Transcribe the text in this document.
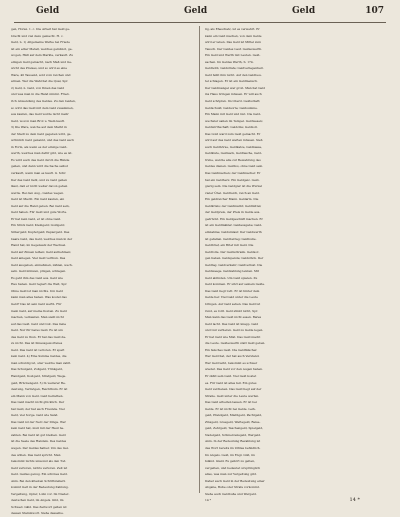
Geld	Geld	Geld	107
gen, Horaz. 1. c. Die Arbeit hat Geld ge-
bracht und viel dazu gemacht. H. c.
Geld, n. 1) Allgemeine Werke bei Friede
ist ein edler Metall, welches gemünzt, ge-
wogen, Hält auf dem Markte, verkauft. Zu
einigen Geld gemacht, nach Maß und Ge-
wicht des Preises, und so wird es eine
Ware, 40 Tausend, sold vom reichen und
armen. Wer die Wahl hat die Qual, Spr.
2) Geld, n. Geld, von Ihnen das Geld
und was man in die Hand nimmt. Fried-
rich Anwendung des Geldes. Zu den beiden,
so wird das Geld mit dem Geld zusammen,
aus kaufen, das Geld wurde nicht mehr
Geld, wovon man Brot u. Wein kauft.
3) Die Ware, welche auf dem Markt in
der Stadt zu dem Geld gegeben wird, ge-
wöhnlich Geld genannt, und das Geld auch
in Form, als wenn es der einzige Geld-
werth, welches man dafür gibt, wie es ist.
Es wird auch das Geld durch die Hände
gehen, und dann wird die Sache selbst
verkauft, wenn man es kauft. G. Schr.
Der das Geld liebt, und zu Geld gehen
lässt, daß er nicht weiter davon gehen
werde. Bei den Aug., Geldes wegen.
Geld ist Macht. Ein Geld kaufen, ein
Geld auf die Hand geben. Bei Geld sein,
Geld haben. Für Geld und gute Worte.
Er hat kein Geld, er ist ohne Geld.
Ein Stück Geld; Kleingeld; Goldgeld;
Silbergeld; Kupfergeld; Papiergeld. Das
baare Geld, das Geld, welches man in der
Hand hat, im Gegensatz der Wechsel.
Geld auf Zinsen leihen; Geld aufnehmen;
Geld anlegen. Viel Geld verthun. Das
Geld ausgeben, einnehmen, zählen, wech-
seln. Geld münzen, prägen, schlagen.
Es geht ihm das Geld aus. Geld wie
Heu haben. Geld regiert die Welt, Spr.
Ohne Geld ist man nichts. Um Geld
kann man alles haben. Was kostet das
Geld? Das ist sein Geld werth. Für
mein Geld, auf meine Kosten. Zu Geld
machen, verkaufen. Man sieht nicht
auf das Geld. Geld und Gut. Das liebe
Geld. Nur für bares Geld. Es ist um
das Geld zu thun. Er hat das Geld da-
zu nicht. Das ist hinausgeworfenes
Geld. Das Geld ist verloren. Er spart
kein Geld. 4) Eine Summe Geldes, die
man schuldig ist, oder welche man zahlt.
Das Schulgeld, Zollgeld, Trinkgeld,
Handgeld, Kostgeld, Strafgeld, Wege-
geld, Brückengeld. 5) In weiterer Be-
deutung, Vermögen, Reichthum. Er ist
ein Mann von Geld. Geld heirathen.
Das Geld macht nicht glücklich. Der
hat Geld, der hat auch Freunde. Viel
Geld, viel Sorge. Geld wie Sand.
Das Geld ist der Nerv der Dinge. Wer
kein Geld hat, muß mit der Haut be-
zahlen. Bei Geld ist gut bleiben. Geld
ist die Seele des Handels. Des Geldes
wegen. Der Geldes halber. Um des Gel-
des willen. Das Geld spricht. Man
bekommt nichts umsonst als den Tod.
Geld verloren, nichts verloren. Zeit ist
Geld. Geldes genug. Ein schönes Geld.
Anm. Bei den ältesten Schriftstellern
kommt Gelt in der Bedeutung Zahlung,
Vergeltung, Opfer, Lohn vor. Im Nieder-
deutschen Geld, im Angels. Gild, im
Schwed. Gäld. Das Zeitwort gelten ist
dessen Stammwort. Siehe dasselbe.
lig, als Eheschatz, ist es verwehrt. Er
kann ein Geld machen, von dem Gelde
wird er leben. Das Geld ist Mittel zum
Tausch. Der Geldes Lauf. Geldeswerth.
Ein Geld und Werth mit Leuten. Geld-
sachen. Im Geldes Werth, S. 174.
Geldnoth; Geldstrafe; Geldverlegenheit.
Geld fehlt ihm nicht. Auf den Geldbeu-
tel schlagen. Er ist ein Geldmensch.
Der Geldmangel war groß. Man hat Geld
ins Haus bringen müssen. Er will auch
Geld schöpfen. Im Oberd. Geldschaft;
Geldschuld; Geldsorte; Geldsumme.
Ein Mann mit Geld und Gut. Die Geld-
wechsler saßen im Tempel. Geldwesen;
Geldwirthschaft; Geldzins; Geldzoll.
Das Gold ward zum Geld gemacht. Er
wird auf das Geld warten müssen. Sieh
auch Geldbörse, Geldkatze, Geldkasse,
Geldkiste, Geldsack, Geldtasche, Geld-
truhe, welche alle zur Bewahrung des
Geldes dienen. Geldlos, ohne Geld sein.
Das Geldmachen; der Geldmacher. Er
hat ein Geldherz. Ein Geldgeiz. Geld-
gierig sein. Die Geldgier ist die Wurzel
vieler Übel. Geldreich, reich an Geld.
Ein geldreicher Mann. Geldarm. Die
Geldkrisis; der Geldmarkt; Geldmittel;
der Geldpreis, der Preis in Gelde aus-
gedrückt. Ein Geldgeschäft machen. Er
ist ein Geldmäkler. Geldausgabe; Geld-
einnahme; Geldumlauf. Der Geldwerth
ist gefallen. Geldbetrag; Geldbuße.
Geldbrief, ein Brief mit Geld. Die
Geldrolle. Der Geldschrank. Geldsor-
gen haben. Geldspende; Geldstück. Der
Geldtag. Geldverkehr; Geldverlust. Die
Geldwaage. Geldzahlung leisten. Mit
Geld abfinden. Um Geld spielen. Zu
Geld kommen. Er sitzt auf seinem Gelde.
Das Geld liegt todt. Er ist hinter dem
Gelde her. Viel Geld unter die Leute
bringen. Auf Geld sehen. Das Geld ist
rund, es rollt. Geld stinkt nicht, Spr.
Man kann das Geld nicht essen. Bares
Geld lacht. Das Geld ist knapp. Geld
und Gut verlieren. Geld zu Gelde legen.
Er hat Geld wie Mist. Das Geld macht
die Leute. Geldeswerth statt Geld geben.
Ein falsches Geld. Die Geldfälscher.
Wer Geld hat, der hat auch Verstand.
Wer Geld leiht, bekommt es schwer
wieder. Das Geld vor den Augen haben.
Er zählt sein Geld. Viel Geld kostet
es. Für Geld ist alles feil. Ein gutes
Geld verdienen. Das Geld liegt auf der
Straße. Geld unter die Leute werfen.
Das Geld arbeiten lassen. Er ist bei
Gelde. Er ist nicht bei Gelde. Leih-
geld, Pfandgeld, Miethgeld, Pachtgeld,
Zinsgeld, Lösegeld, Wartegeld, Reise-
geld, Zehrgeld, Taschengeld, Spielgeld,
Nadelgeld, Schmerzensgeld, Wergeld.
Anm. In der Bedeutung Bezahlung ist
das Wort bereits im Ulfilas befindlich.
Im Angels. Geld, im Engl. Gild, im
Isländ. Giald. Es gehört zu gelten,
vergelten, und bedeutet ursprünglich
alles, was man zur Vergeltung gibt.
Daher auch Geld in der Bedeutung einer
Abgabe, Buße oder Strafe vorkommt.
Siehe auch Geldbuße und Wergeld.
14 *	14 *
